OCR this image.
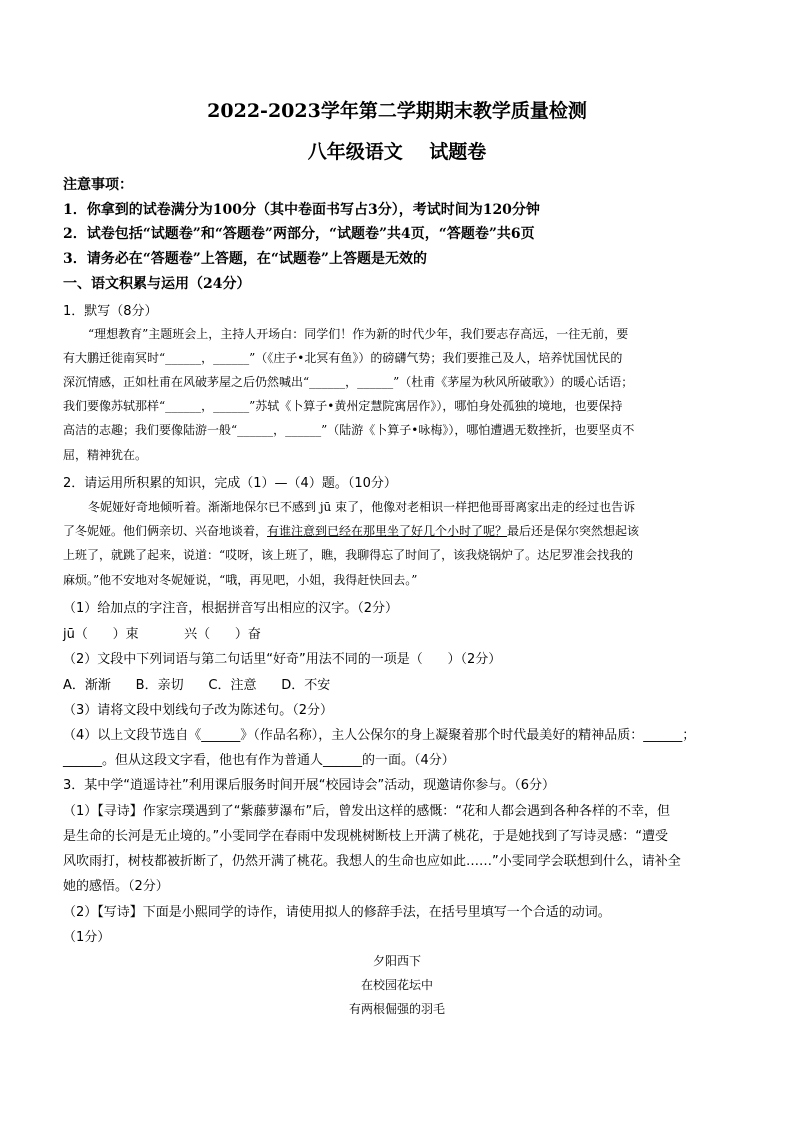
2022-2023学年第二学期期末教学质量检测
八年级语文    试题卷
注意事项：
1．你拿到的试卷满分为100分（其中卷面书写占3分），考试时间为120分钟
2．试卷包括“试题卷”和“答题卷”两部分，“试题卷”共4页，“答题卷”共6页
3．请务必在“答题卷”上答题，在“试题卷”上答题是无效的
一、语文积累与运用（24分）
1．默写（8分）
“理想教育”主题班会上，主持人开场白：同学们！作为新的时代少年，我们要志存高远，一往无前，要
有大鹏迁徙南冥时“______，______”（《庄子•北冥有鱼》）的磅礴气势；我们要推己及人，培养忧国忧民的
深沉情感，正如杜甫在风破茅屋之后仍然喊出“______，______”（杜甫《茅屋为秋风所破歌》）的暖心话语；
我们要像苏轼那样“______，______”苏轼《卜算子•黄州定慧院寓居作》），哪怕身处孤独的境地，也要保持
高洁的志趣；我们要像陆游一般“______，______”（陆游《卜算子•咏梅》），哪怕遭遇无数挫折，也要坚贞不
屈，精神犹在。
2．请运用所积累的知识，完成（1）—（4）题。（10分）
冬妮娅好奇地倾听着。渐渐地保尔已不感到 jū 束了，他像对老相识一样把他哥哥离家出走的经过也告诉
了冬妮娅。他们俩亲切、兴奋地谈着，有谁注意到已经在那里坐了好几个小时了呢？最后还是保尔突然想起该
上班了，就跳了起来，说道：“哎呀，该上班了，瞧，我聊得忘了时间了，该我烧锅炉了。达尼罗准会找我的
麻烦。”他不安地对冬妮娅说，“哦，再见吧，小姐，我得赶快回去。”
（1）给加点的字注音，根据拼音写出相应的汉字。（2分）
jū（      ）束           兴（      ）奋
（2）文段中下列词语与第二句话里“好奇”用法不同的一项是（      ）（2分）
A．渐渐      B．亲切      C．注意      D．不安
（3）请将文段中划线句子改为陈述句。（2分）
（4）以上文段节选自《______》（作品名称），主人公保尔的身上凝聚着那个时代最美好的精神品质：______；
______。但从这段文字看，他也有作为普通人______的一面。（4分）
3．某中学“逍遥诗社”利用课后服务时间开展“校园诗会”活动，现邀请你参与。（6分）
（1）【寻诗】作家宗璞遇到了“紫藤萝瀑布”后，曾发出这样的感慨：“花和人都会遇到各种各样的不幸，但
是生命的长河是无止境的。”小雯同学在春雨中发现桃树断枝上开满了桃花，于是她找到了写诗灵感：“遭受
风吹雨打，树枝都被折断了，仍然开满了桃花。我想人的生命也应如此……”小雯同学会联想到什么，请补全
她的感悟。（2分）
（2）【写诗】下面是小熙同学的诗作，请使用拟人的修辞手法，在括号里填写一个合适的动词。
（1分）
夕阳西下
在校园花坛中
有两根倔强的羽毛
